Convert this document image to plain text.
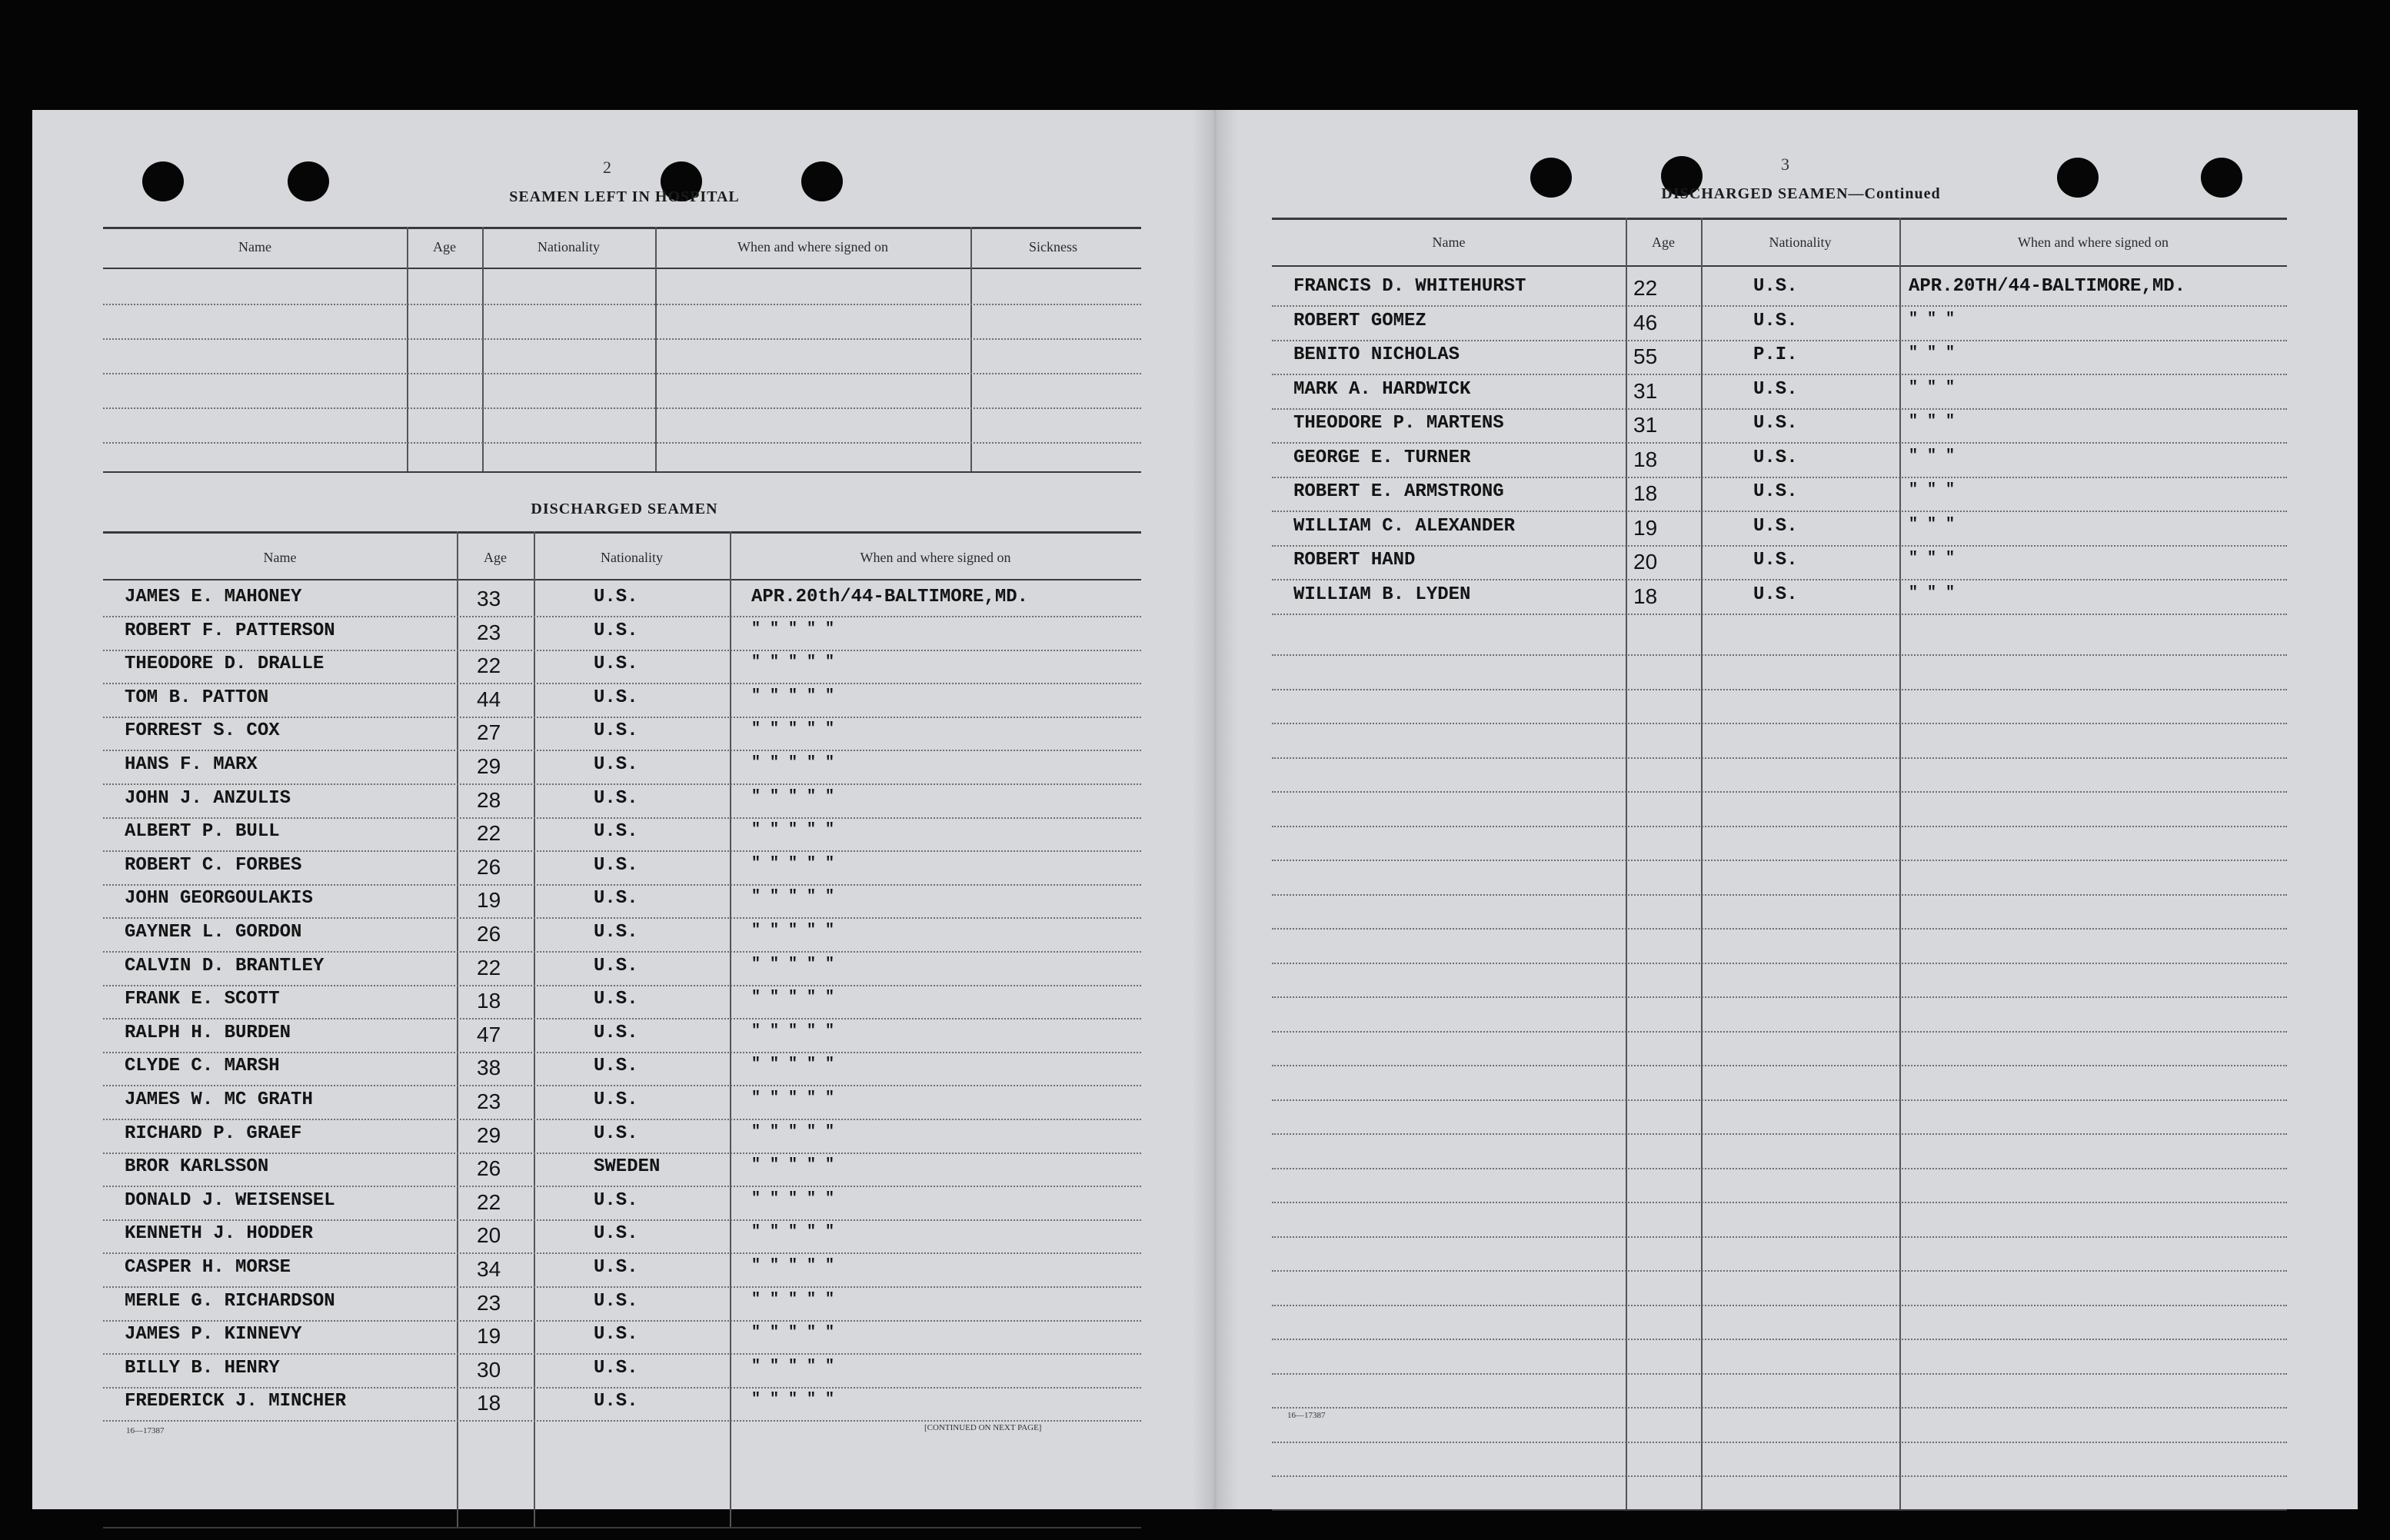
2
SEAMEN LEFT IN HOSPITAL
Name	Age	Nationality	When and where signed on	Sickness
DISCHARGED SEAMEN
Name	Age	Nationality	When and where signed on
JAMES E. MAHONEY	33	U.S.	APR.20th/44-BALTIMORE,MD.
ROBERT F. PATTERSON	23	U.S.	" " " " "
THEODORE D. DRALLE	22	U.S.	" " " " "
TOM B. PATTON	44	U.S.	" " " " "
FORREST S. COX	27	U.S.	" " " " "
HANS F. MARX	29	U.S.	" " " " "
JOHN J. ANZULIS	28	U.S.	" " " " "
ALBERT P. BULL	22	U.S.	" " " " "
ROBERT C. FORBES	26	U.S.	" " " " "
JOHN GEORGOULAKIS	19	U.S.	" " " " "
GAYNER L. GORDON	26	U.S.	" " " " "
CALVIN D. BRANTLEY	22	U.S.	" " " " "
FRANK E. SCOTT	18	U.S.	" " " " "
RALPH H. BURDEN	47	U.S.	" " " " "
CLYDE C. MARSH	38	U.S.	" " " " "
JAMES W. MC GRATH	23	U.S.	" " " " "
RICHARD P. GRAEF	29	U.S.	" " " " "
BROR KARLSSON	26	SWEDEN	" " " " "
DONALD J. WEISENSEL	22	U.S.	" " " " "
KENNETH J. HODDER	20	U.S.	" " " " "
CASPER H. MORSE	34	U.S.	" " " " "
MERLE G. RICHARDSON	23	U.S.	" " " " "
JAMES P. KINNEVY	19	U.S.	" " " " "
BILLY B. HENRY	30	U.S.	" " " " "
FREDERICK J. MINCHER	18	U.S.	" " " " "
16—17387	[CONTINUED ON NEXT PAGE]
3
DISCHARGED SEAMEN—Continued
Name	Age	Nationality	When and where signed on
FRANCIS D. WHITEHURST	22	U.S.	APR.20TH/44-BALTIMORE,MD.
ROBERT GOMEZ	46	U.S.	" " "
BENITO NICHOLAS	55	P.I.	" " "
MARK A. HARDWICK	31	U.S.	" " "
THEODORE P. MARTENS	31	U.S.	" " "
GEORGE E. TURNER	18	U.S.	" " "
ROBERT E. ARMSTRONG	18	U.S.	" " "
WILLIAM C. ALEXANDER	19	U.S.	" " "
ROBERT HAND	20	U.S.	" " "
WILLIAM B. LYDEN	18	U.S.	" " "
16—17387
